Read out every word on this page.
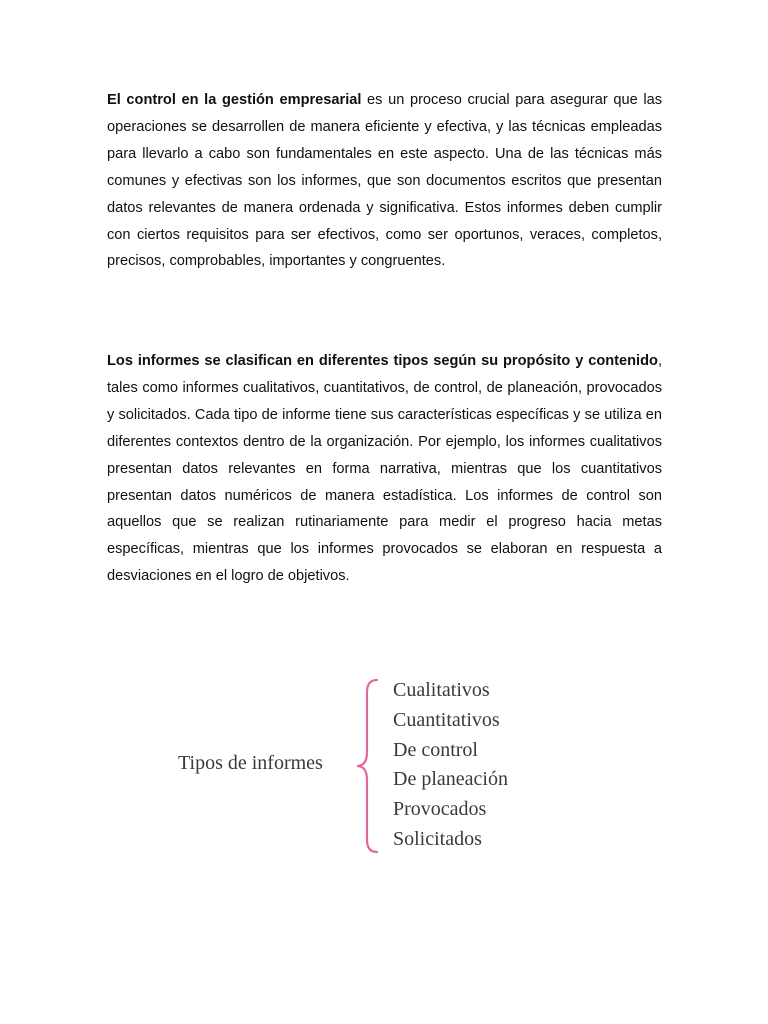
El control en la gestión empresarial es un proceso crucial para asegurar que las operaciones se desarrollen de manera eficiente y efectiva, y las técnicas empleadas para llevarlo a cabo son fundamentales en este aspecto. Una de las técnicas más comunes y efectivas son los informes, que son documentos escritos que presentan datos relevantes de manera ordenada y significativa. Estos informes deben cumplir con ciertos requisitos para ser efectivos, como ser oportunos, veraces, completos, precisos, comprobables, importantes y congruentes.

Los informes se clasifican en diferentes tipos según su propósito y contenido, tales como informes cualitativos, cuantitativos, de control, de planeación, provocados y solicitados. Cada tipo de informe tiene sus características específicas y se utiliza en diferentes contextos dentro de la organización. Por ejemplo, los informes cualitativos presentan datos relevantes en forma narrativa, mientras que los cuantitativos presentan datos numéricos de manera estadística. Los informes de control son aquellos que se realizan rutinariamente para medir el progreso hacia metas específicas, mientras que los informes provocados se elaboran en respuesta a desviaciones en el logro de objetivos.

Tipos de informes
Cualitativos
Cuantitativos
De control
De planeación
Provocados
Solicitados
